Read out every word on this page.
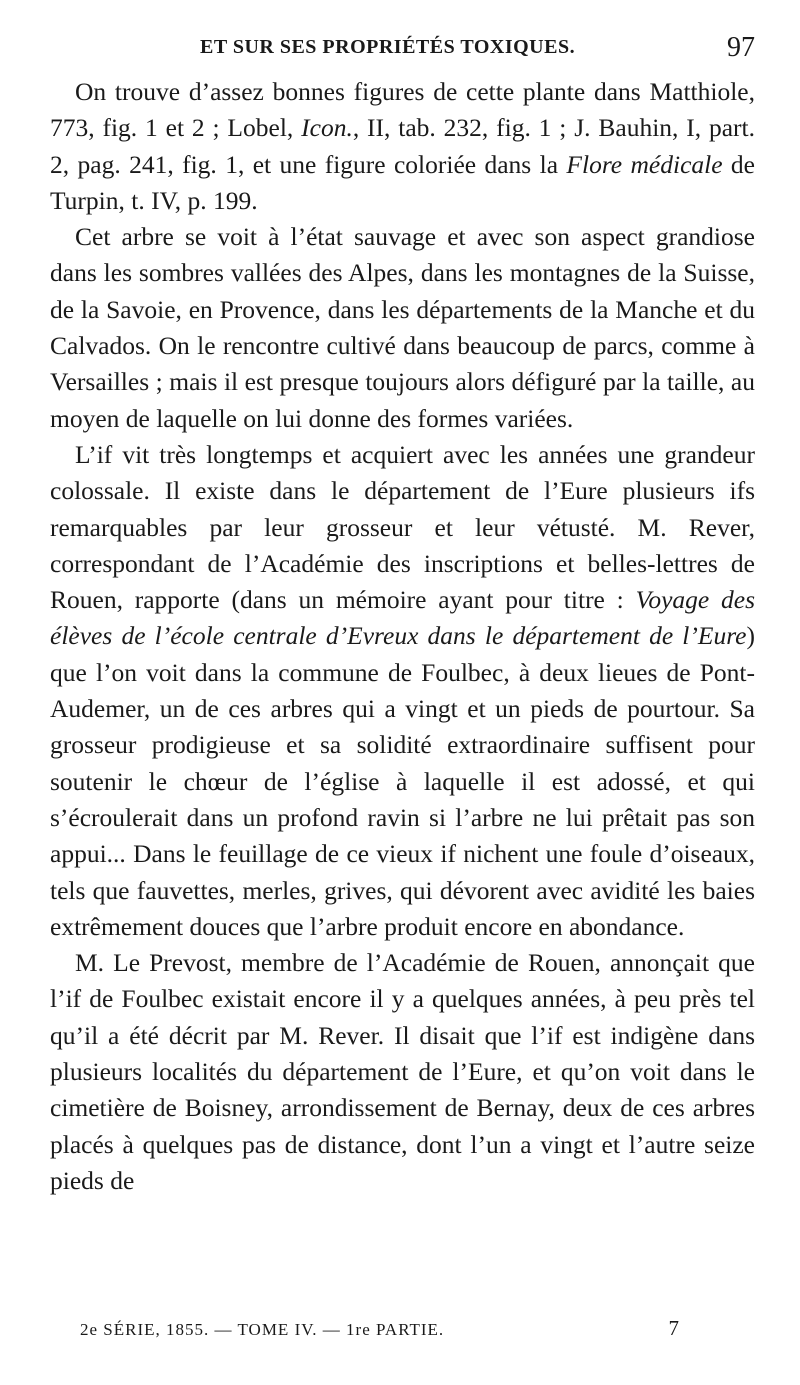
ET SUR SES PROPRIÉTÉS TOXIQUES.	97

On trouve d’assez bonnes figures de cette plante dans Matthiole, 773, fig. 1 et 2 ; Lobel, Icon., II, tab. 232, fig. 1 ; J. Bauhin, I, part. 2, pag. 241, fig. 1, et une figure coloriée dans la Flore médicale de Turpin, t. IV, p. 199.

Cet arbre se voit à l’état sauvage et avec son aspect grandiose dans les sombres vallées des Alpes, dans les montagnes de la Suisse, de la Savoie, en Provence, dans les départements de la Manche et du Calvados. On le rencontre cultivé dans beaucoup de parcs, comme à Versailles ; mais il est presque toujours alors défiguré par la taille, au moyen de laquelle on lui donne des formes variées.

L’if vit très longtemps et acquiert avec les années une grandeur colossale. Il existe dans le département de l’Eure plusieurs ifs remarquables par leur grosseur et leur vétusté. M. Rever, correspondant de l’Académie des inscriptions et belles-lettres de Rouen, rapporte (dans un mémoire ayant pour titre : Voyage des élèves de l’école centrale d’Evreux dans le département de l’Eure) que l’on voit dans la commune de Foulbec, à deux lieues de Pont-Audemer, un de ces arbres qui a vingt et un pieds de pourtour. Sa grosseur prodigieuse et sa solidité extraordinaire suffisent pour soutenir le chœur de l’église à laquelle il est adossé, et qui s’écroulerait dans un profond ravin si l’arbre ne lui prêtait pas son appui... Dans le feuillage de ce vieux if nichent une foule d’oiseaux, tels que fauvettes, merles, grives, qui dévorent avec avidité les baies extrêmement douces que l’arbre produit encore en abondance.

M. Le Prevost, membre de l’Académie de Rouen, annonçait que l’if de Foulbec existait encore il y a quelques années, à peu près tel qu’il a été décrit par M. Rever. Il disait que l’if est indigène dans plusieurs localités du département de l’Eure, et qu’on voit dans le cimetière de Boisney, arrondissement de Bernay, deux de ces arbres placés à quelques pas de distance, dont l’un a vingt et l’autre seize pieds de

2e SÉRIE, 1855. — TOME IV. — 1re PARTIE.	7
